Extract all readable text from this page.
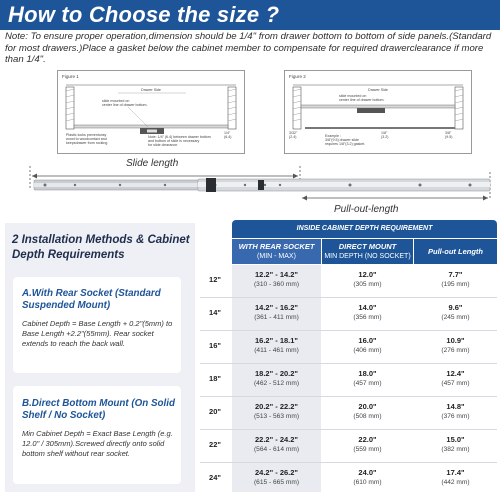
How to Choose the size ?
Note: To ensure proper operation,dimension should be 1/4" from drawer bottom to bottom of side panels.(Standard for most drawers.)Place a gasket below the cabinet member to compensate for required drawerclearance if more than 1/4".
Figure 1
Drawer Side
slide mounted on
center line of drawer bottom.
Plastic locks preventunsy
wood to woodcontact and
keepsdrawer from rocking
Note: 1/4" (6.4) between drawer bottom
and bottom of slide is necessary
for slide clearance.
1/4"
(6.4)
Figure 2
Drawer Side
slide mounted on
center line of drawer bottom.
3/32"
(2.4)
1/8"
(3.2)
3/8"
(9.5)
Example :
3/8"(9.5) drawer slide
requires 1/8"(3.2) gasket.
Slide length
Pull-out-length
2 Installation Methods & Cabinet Depth Requirements
A.With Rear Socket (Standard Suspended Mount)
Cabinet Depth = Base Length + 0.2"(5mm) to Base Length +2.2"(55mm). Rear socket extends to reach the back wall.
B.Direct Bottom Mount (On Solid Shelf / No Socket)
Min Cabinet Depth = Exact Base Length (e.g. 12.0" / 305mm).Screwed directly onto solid bottom shelf without rear socket.
INSIDE CABINET DEPTH REQUIREMENT
WITH REAR SOCKET
(MIN - MAX)
DIRECT MOUNT
MIN DEPTH (NO SOCKET)
Pull-out Length
12"
12.2" - 14.2"
(310 - 360 mm)
12.0"
(305 mm)
7.7"
(195 mm)
14"
14.2" - 16.2"
(361 - 411 mm)
14.0"
(356 mm)
9.6"
(245 mm)
16"
16.2" - 18.1"
(411 - 461 mm)
16.0"
(406 mm)
10.9"
(276 mm)
18"
18.2" - 20.2"
(462 - 512 mm)
18.0"
(457 mm)
12.4"
(457 mm)
20"
20.2" - 22.2"
(513 - 563 mm)
20.0"
(508 mm)
14.8"
(376 mm)
22"
22.2" - 24.2"
(564 - 614 mm)
22.0"
(559 mm)
15.0"
(382 mm)
24"
24.2" - 26.2"
(615 - 665 mm)
24.0"
(610 mm)
17.4"
(442 mm)
